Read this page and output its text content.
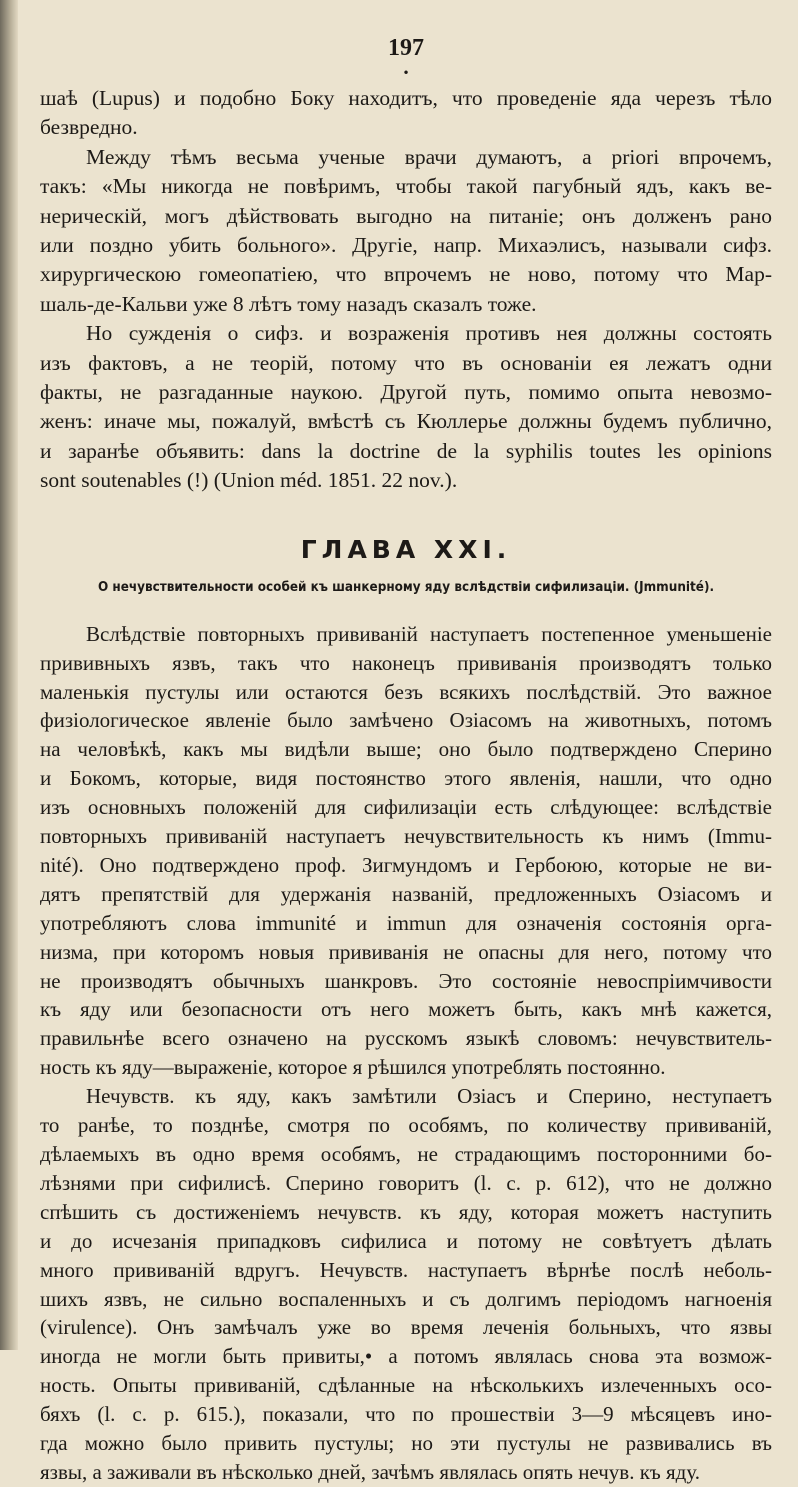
197
•

шаѣ (Lupus) и подобно Боку находитъ, что проведенiе яда черезъ тѣло

безвредно.

Между тѣмъ весьма ученые врачи думаютъ, a priori впрочемъ,

такъ: «Мы никогда не повѣримъ, чтобы такой пагубный ядъ, какъ ве-

нерическій, могъ дѣйствовать выгодно на питаніе; онъ долженъ рано

или поздно убить больного». Другіе, напр. Михаэлисъ, называли сифз.

хирургическою гомеопатіею, что впрочемъ не ново, потому что Мар-

шаль-де-Кальви уже 8 лѣтъ тому назадъ сказалъ тоже.

Но сужденія о сифз. и возраженія противъ нея должны состоять

изъ фактовъ, а не теорій, потому что въ основаніи ея лежатъ одни

факты, не разгаданные наукою. Другой путь, помимо опыта невозмо-

женъ: иначе мы, пожалуй, вмѣстѣ съ Кюллерье должны будемъ публично,

и заранѣе объявить: dans la doctrine de la syphilis toutes les opinions

sont soutenables (!) (Union méd. 1851. 22 nov.).

ГЛАВА XXI.
О нечувствительности особей къ шанкерному яду вслѣдствіи сифилизаціи. (Jmmunité).

Вслѣдствіе повторныхъ прививаній наступаетъ постепенное уменьшеніе

прививныхъ язвъ, такъ что наконецъ прививанія производятъ только

маленькія пустулы или остаются безъ всякихъ послѣдствій. Это важное

физіологическое явленіе было замѣчено Озіасомъ на животныхъ, потомъ

на человѣкѣ, какъ мы видѣли выше; оно было подтверждено Сперино

и Бокомъ, которые, видя постоянство этого явленія, нашли, что одно

изъ основныхъ положеній для сифилизаціи есть слѣдующее: вслѣдствіе

повторныхъ прививаній наступаетъ нечувствительность къ нимъ (Immu-

nité). Оно подтверждено проф. Зигмундомъ и Гербоюю, которые не ви-

дятъ препятствій для удержанія названій, предложенныхъ Озіасомъ и

употребляютъ слова immunité и immun для означенія состоянія орга-

низма, при которомъ новыя прививанія не опасны для него, потому что

не производятъ обычныхъ шанкровъ. Это состояніе невоспріимчивости

къ яду или безопасности отъ него можетъ быть, какъ мнѣ кажется,

правильнѣе всего означено на русскомъ языкѣ словомъ: нечувствитель-

ность къ яду—выраженіе, которое я рѣшился употреблять постоянно.

Нечувств. къ яду, какъ замѣтили Озіасъ и Сперино, неступаетъ

то ранѣе, то позднѣе, смотря по особямъ, по количеству прививаній,

дѣлаемыхъ въ одно время особямъ, не страдающимъ посторонними бо-

лѣзнями при сифилисѣ. Сперино говоритъ (l. c. p. 612), что не должно

спѣшить съ достиженіемъ нечувств. къ яду, которая можетъ наступить

и до исчезанія припадковъ сифилиса и потому не совѣтуетъ дѣлать

много прививаній вдругъ. Нечувств. наступаетъ вѣрнѣе послѣ неболь-

шихъ язвъ, не сильно воспаленныхъ и съ долгимъ періодомъ нагноенія

(virulence). Онъ замѣчалъ уже во время леченія больныхъ, что язвы

иногда не могли быть привиты,• а потомъ являлась снова эта возмож-

ность. Опыты прививаній, сдѣланные на нѣсколькихъ излеченныхъ осо-

бяхъ (l. c. p. 615.), показали, что по прошествіи 3—9 мѣсяцевъ ино-

гда можно было привить пустулы; но эти пустулы не развивались въ

язвы, а заживали въ нѣсколько дней, зачѣмъ являлась опять нечув. къ яду.
